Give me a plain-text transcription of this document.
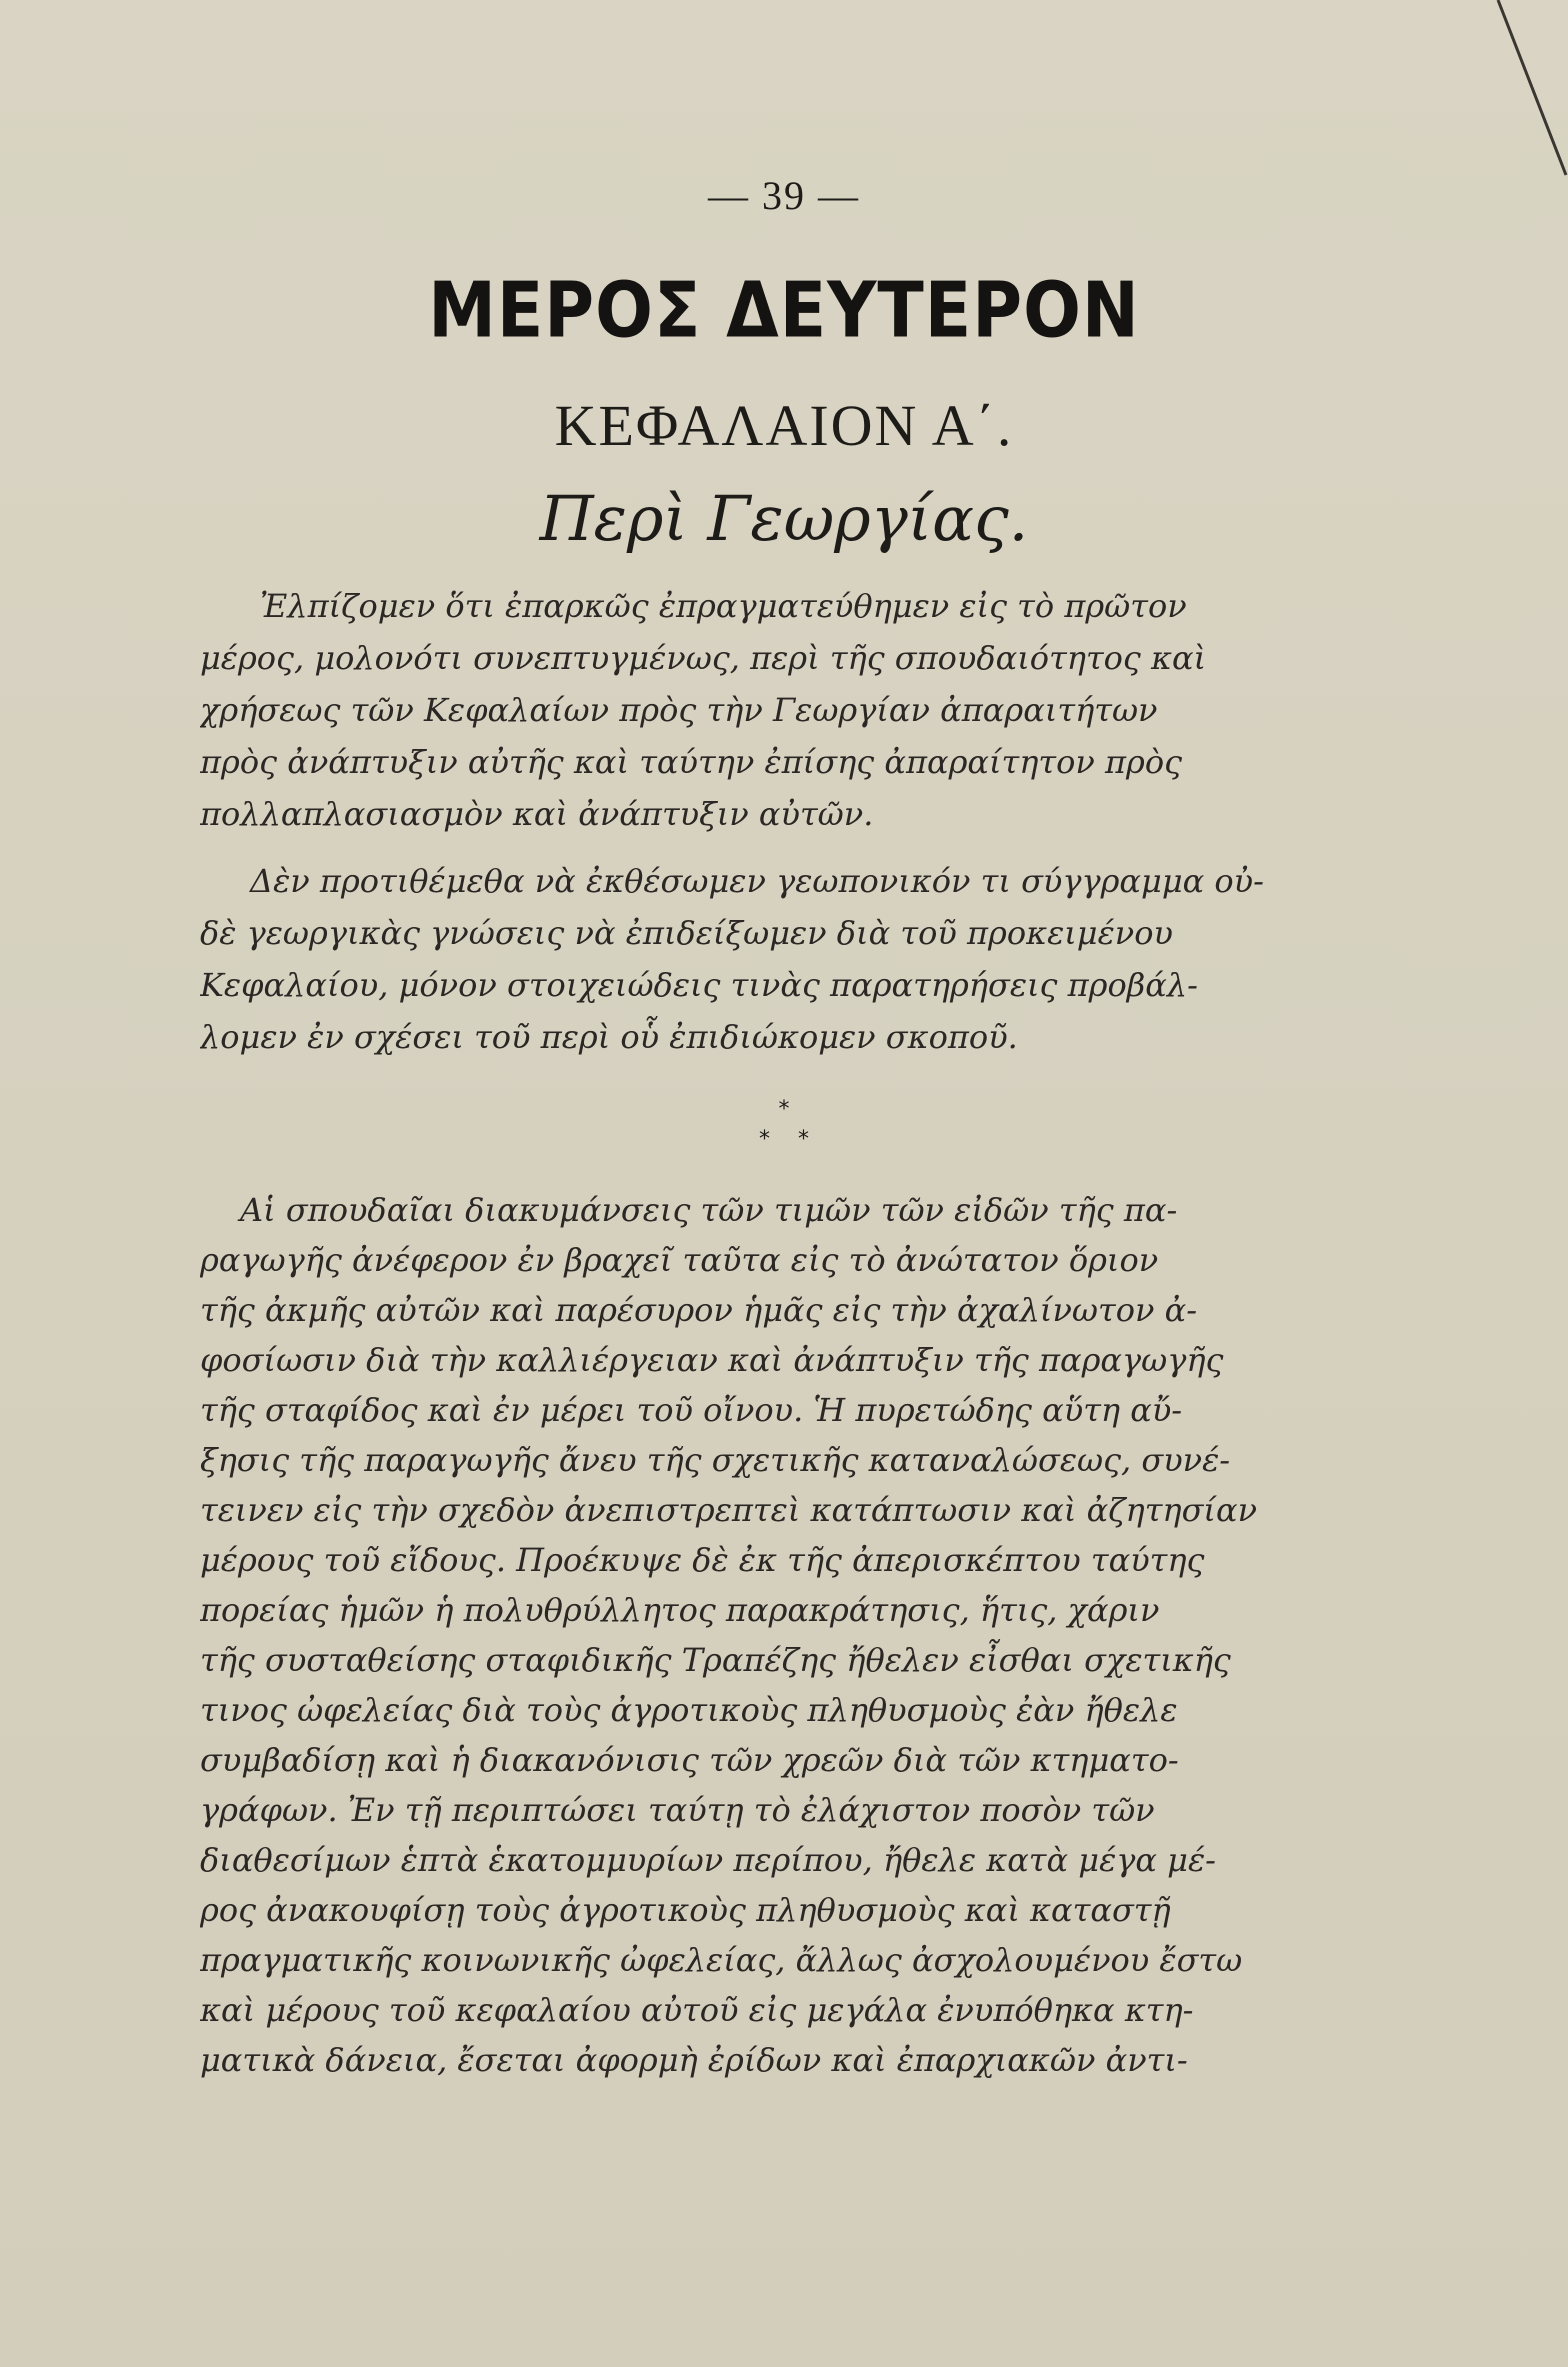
— 39 —
ΜΕΡΟΣ ΔΕΥΤΕΡΟΝ
ΚΕΦΑΛΑΙΟΝ Α΄.
Περὶ Γεωργίας.
Ἐλπίζομεν ὅτι ἐπαρκῶς ἐπραγματεύθημεν εἰς τὸ πρῶτον
μέρος, μολονότι συνεπτυγμένως, περὶ τῆς σπουδαιότητος καὶ
χρήσεως τῶν Κεφαλαίων πρὸς τὴν Γεωργίαν ἀπαραιτήτων
πρὸς ἀνάπτυξιν αὐτῆς καὶ ταύτην ἐπίσης ἀπαραίτητον πρὸς
πολλαπλασιασμὸν καὶ ἀνάπτυξιν αὐτῶν.
Δὲν προτιθέμεθα νὰ ἐκθέσωμεν γεωπονικόν τι σύγγραμμα οὐ-
δὲ γεωργικὰς γνώσεις νὰ ἐπιδείξωμεν διὰ τοῦ προκειμένου
Κεφαλαίου, μόνον στοιχειώδεις τινὰς παρατηρήσεις προβάλ-
λομεν ἐν σχέσει τοῦ περὶ οὗ ἐπιδιώκομεν σκοποῦ.
*
*    *
Αἱ σπουδαῖαι διακυμάνσεις τῶν τιμῶν τῶν εἰδῶν τῆς πα-
ραγωγῆς ἀνέφερον ἐν βραχεῖ ταῦτα εἰς τὸ ἀνώτατον ὅριον
τῆς ἀκμῆς αὐτῶν καὶ παρέσυρον ἡμᾶς εἰς τὴν ἀχαλίνωτον ἀ-
φοσίωσιν διὰ τὴν καλλιέργειαν καὶ ἀνάπτυξιν τῆς παραγωγῆς
τῆς σταφίδος καὶ ἐν μέρει τοῦ οἴνου. Ἡ πυρετώδης αὕτη αὔ-
ξησις τῆς παραγωγῆς ἄνευ τῆς σχετικῆς καταναλώσεως, συνέ-
τεινεν εἰς τὴν σχεδὸν ἀνεπιστρεπτεὶ κατάπτωσιν καὶ ἀζητησίαν
μέρους τοῦ εἴδους. Προέκυψε δὲ ἐκ τῆς ἀπερισκέπτου ταύτης
πορείας ἡμῶν ἡ πολυθρύλλητος παρακράτησις, ἥτις, χάριν
τῆς συσταθείσης σταφιδικῆς Τραπέζης ἤθελεν εἶσθαι σχετικῆς
τινος ὠφελείας διὰ τοὺς ἀγροτικοὺς πληθυσμοὺς ἐὰν ἤθελε
συμβαδίσῃ καὶ ἡ διακανόνισις τῶν χρεῶν διὰ τῶν κτηματο-
γράφων. Ἐν τῇ περιπτώσει ταύτῃ τὸ ἐλάχιστον ποσὸν τῶν
διαθεσίμων ἑπτὰ ἑκατομμυρίων περίπου, ἤθελε κατὰ μέγα μέ-
ρος ἀνακουφίσῃ τοὺς ἀγροτικοὺς πληθυσμοὺς καὶ καταστῇ
πραγματικῆς κοινωνικῆς ὠφελείας, ἄλλως ἀσχολουμένου ἔστω
καὶ μέρους τοῦ κεφαλαίου αὐτοῦ εἰς μεγάλα ἐνυπόθηκα κτη-
ματικὰ δάνεια, ἔσεται ἀφορμὴ ἐρίδων καὶ ἐπαρχιακῶν ἀντι-
